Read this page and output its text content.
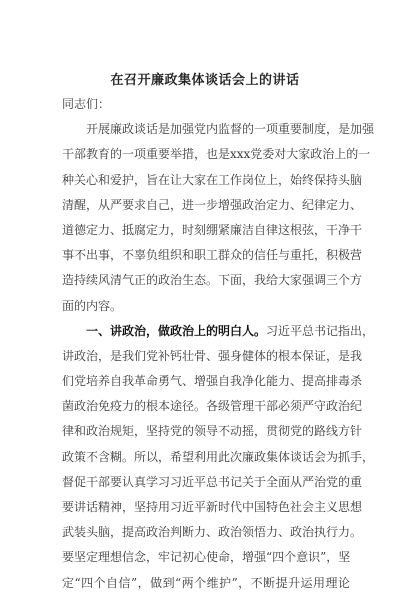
在召开廉政集体谈话会上的讲话
同志们：
　　开展廉政谈话是加强党内监督的一项重要制度，是加强
干部教育的一项重要举措，也是xxx党委对大家政治上的一
种关心和爱护，旨在让大家在工作岗位上，始终保持头脑
清醒，从严要求自己，进一步增强政治定力、纪律定力、
道德定力、抵腐定力，时刻绷紧廉洁自律这根弦，干净干
事不出事，不辜负组织和职工群众的信任与重托，积极营
造持续风清气正的政治生态。下面，我给大家强调三个方
面的内容。
　　一、讲政治，做政治上的明白人。习近平总书记指出，
讲政治，是我们党补钙壮骨、强身健体的根本保证，是我
们党培养自我革命勇气、增强自我净化能力、提高排毒杀
菌政治免疫力的根本途径。各级管理干部必须严守政治纪
律和政治规矩，坚持党的领导不动摇，贯彻党的路线方针
政策不含糊。所以，希望利用此次廉政集体谈话会为抓手，
督促干部要认真学习习近平总书记关于全面从严治党的重
要讲话精神，坚持用习近平新时代中国特色社会主义思想
武装头脑，提高政治判断力、政治领悟力、政治执行力。
要坚定理想信念，牢记初心使命，增强“四个意识”，坚
定“四个自信”，做到“两个维护”，不断提升运用理论
